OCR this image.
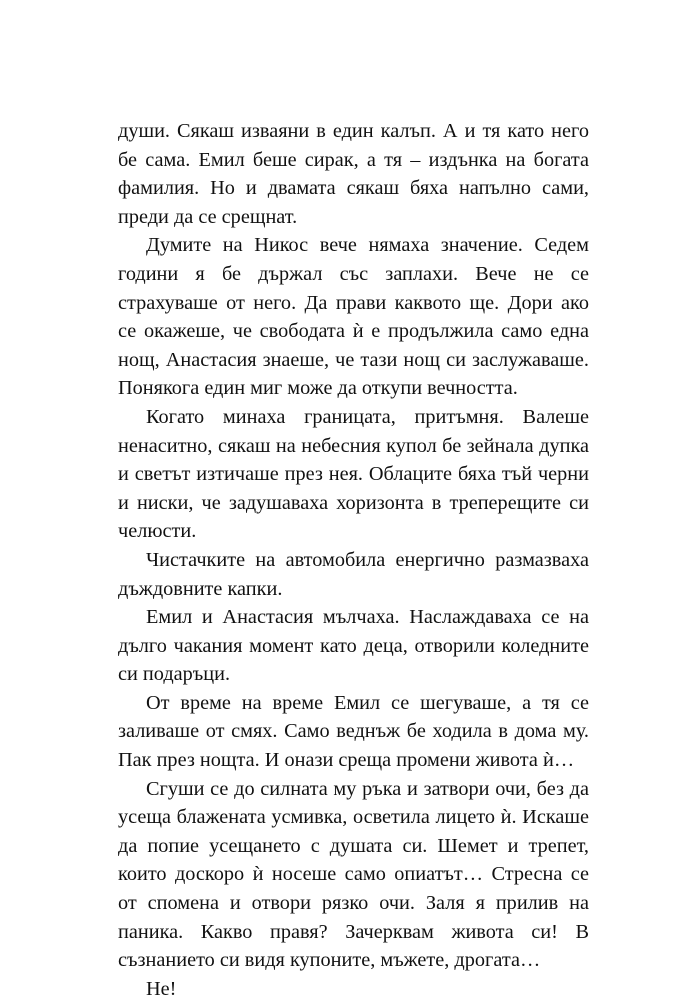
души. Сякаш изваяни в един калъп. А и тя като него
бе сама. Емил беше сирак, а тя – издънка на богата
фамилия. Но и двамата сякаш бяха напълно сами,
преди да се срещнат.
Думите на Никос вече нямаха значение. Седем
години я бе държал със заплахи. Вече не се
страхуваше от него. Да прави каквото ще. Дори ако
се окажеше, че свободата ѝ е продължила само една
нощ, Анастасия знаеше, че тази нощ си заслужаваше.
Понякога един миг може да откупи вечността.
Когато минаха границата, притъмня. Валеше
ненаситно, сякаш на небесния купол бе зейнала дупка
и светът изтичаше през нея. Облаците бяха тъй черни
и ниски, че задушаваха хоризонта в треперещите си
челюсти.
Чистачките на автомобила енергично размазваха
дъждовните капки.
Емил и Анастасия мълчаха. Наслаждаваха се на
дълго чакания момент като деца, отворили коледните
си подаръци.
От време на време Емил се шегуваше, а тя се
заливаше от смях. Само веднъж бе ходила в дома му.
Пак през нощта. И онази среща промени живота ѝ…
Сгуши се до силната му ръка и затвори очи, без да
усеща блажената усмивка, осветила лицето ѝ. Искаше
да попие усещането с душата си. Шемет и трепет,
които доскоро ѝ носеше само опиатът… Стресна се
от спомена и отвори рязко очи. Заля я прилив на
паника. Какво правя? Зачерквам живота си! В
съзнанието си видя купоните, мъжете, дрогата…
Не!
